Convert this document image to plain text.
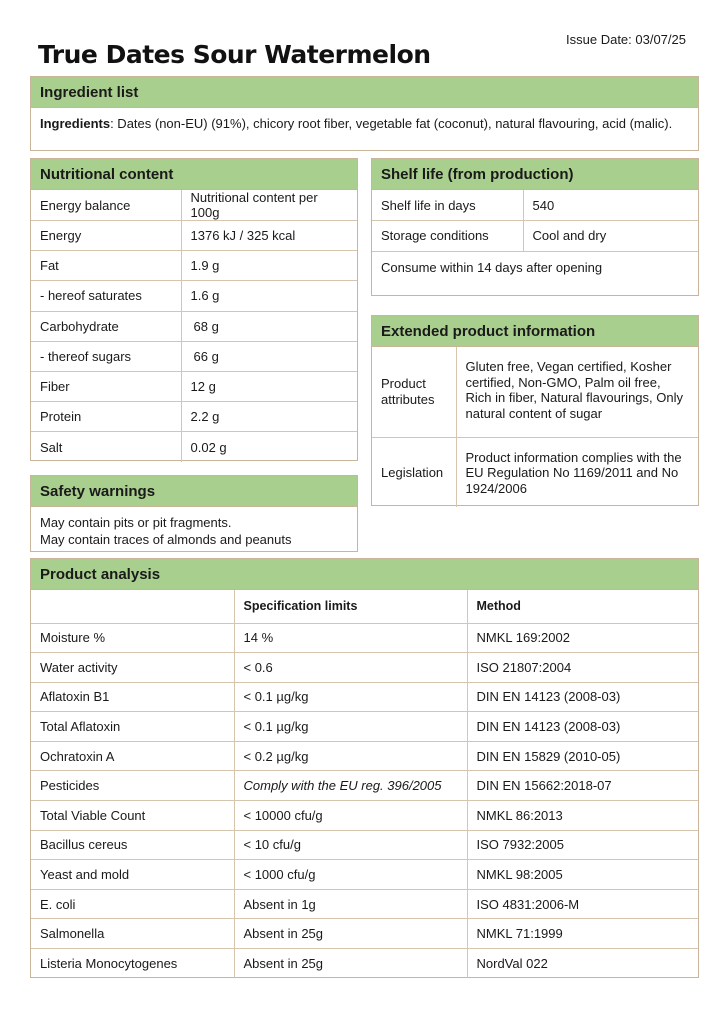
Issue Date: 03/07/25
True Dates Sour Watermelon
Ingredient list
Ingredients: Dates (non-EU) (91%), chicory root fiber, vegetable fat (coconut), natural flavouring, acid (malic).
Nutritional content
Energy balance	Nutritional content per 100g
Energy	1376 kJ / 325 kcal
Fat	1.9 g
- hereof saturates	1.6 g
Carbohydrate	68 g
- thereof sugars	66 g
Fiber	12 g
Protein	2.2 g
Salt	0.02 g
Shelf life (from production)
Shelf life in days	540
Storage conditions	Cool and dry
Consume within 14 days after opening	
Extended product information
Product attributes	Gluten free, Vegan certified, Kosher certified, Non-GMO, Palm oil free, Rich in fiber, Natural flavourings, Only natural content of sugar
Legislation	Product information complies with the EU Regulation No 1169/2011 and No 1924/2006
Safety warnings
May contain pits or pit fragments.
May contain traces of almonds and peanuts
Product analysis
	Specification limits	Method
Moisture %	14 %	NMKL 169:2002
Water activity	< 0.6	ISO 21807:2004
Aflatoxin B1	< 0.1 µg/kg	DIN EN 14123 (2008-03)
Total Aflatoxin	< 0.1 µg/kg	DIN EN 14123 (2008-03)
Ochratoxin A	< 0.2 µg/kg	DIN EN 15829 (2010-05)
Pesticides	Comply with the EU reg. 396/2005	DIN EN 15662:2018-07
Total Viable Count	< 10000 cfu/g	NMKL 86:2013
Bacillus cereus	< 10 cfu/g	ISO 7932:2005
Yeast and mold	< 1000 cfu/g	NMKL 98:2005
E. coli	Absent in 1g	ISO 4831:2006-M
Salmonella	Absent in 25g	NMKL 71:1999
Listeria Monocytogenes	Absent in 25g	NordVal 022
